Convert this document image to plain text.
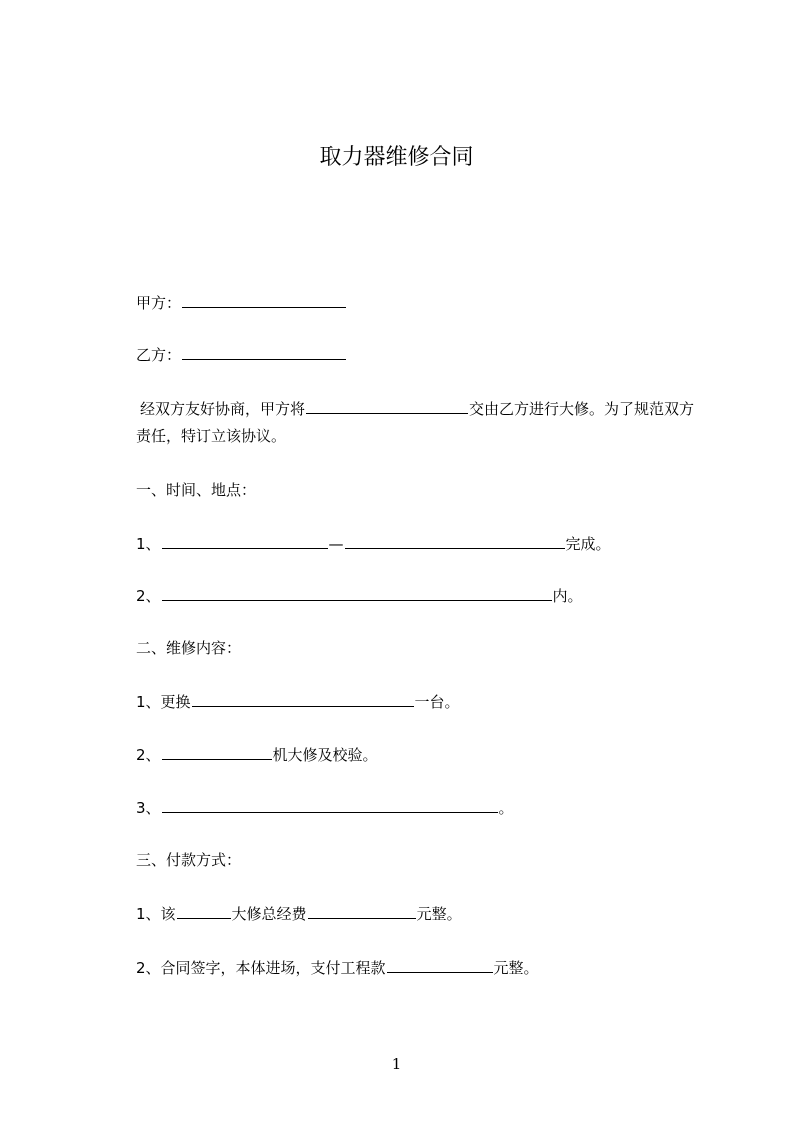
取力器维修合同
甲方：
乙方：
经双方友好协商，甲方将	交由乙方进行大修。为了规范双方责任，特订立该协议。
一、时间、地点：
1、	—	完成。
2、	内。
二、维修内容：
1、更换	一台。
2、	机大修及校验。
3、	。
三、付款方式：
1、该	大修总经费	元整。
2、合同签字，本体进场，支付工程款	元整。
1
